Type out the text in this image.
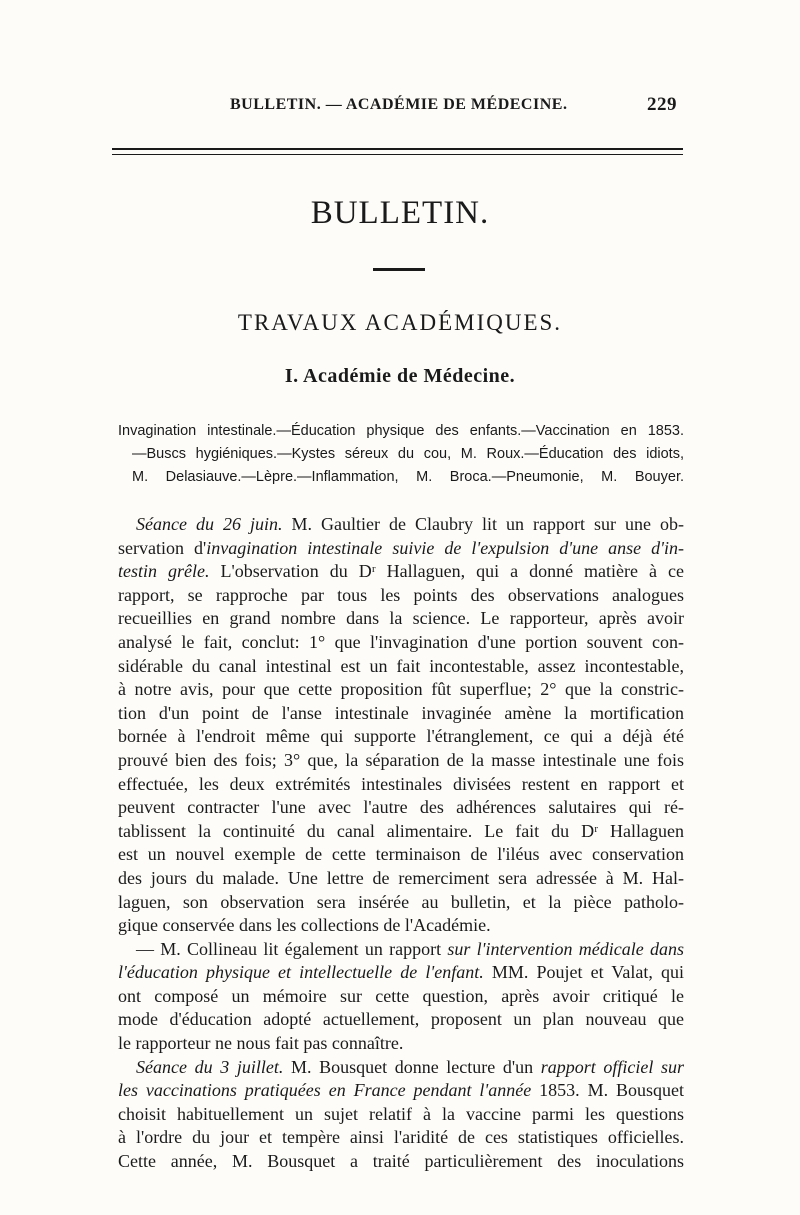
BULLETIN. — ACADÉMIE DE MÉDECINE.	229
BULLETIN.
TRAVAUX ACADÉMIQUES.
I. Académie de Médecine.
Invagination intestinale.—Éducation physique des enfants.—Vaccination en 1853.
—Buscs hygiéniques.—Kystes séreux du cou, M. Roux.—Éducation des idiots,
M. Delasiauve.—Lèpre.—Inflammation, M. Broca.—Pneumonie, M. Bouyer.
Séance du 26 juin. M. Gaultier de Claubry lit un rapport sur une ob-
servation d'invagination intestinale suivie de l'expulsion d'une anse d'in-
testin grêle. L'observation du Dʳ Hallaguen, qui a donné matière à ce
rapport, se rapproche par tous les points des observations analogues
recueillies en grand nombre dans la science. Le rapporteur, après avoir
analysé le fait, conclut: 1° que l'invagination d'une portion souvent con-
sidérable du canal intestinal est un fait incontestable, assez incontestable,
à notre avis, pour que cette proposition fût superflue; 2° que la constric-
tion d'un point de l'anse intestinale invaginée amène la mortification
bornée à l'endroit même qui supporte l'étranglement, ce qui a déjà été
prouvé bien des fois; 3° que, la séparation de la masse intestinale une fois
effectuée, les deux extrémités intestinales divisées restent en rapport et
peuvent contracter l'une avec l'autre des adhérences salutaires qui ré-
tablissent la continuité du canal alimentaire. Le fait du Dʳ Hallaguen
est un nouvel exemple de cette terminaison de l'iléus avec conservation
des jours du malade. Une lettre de remerciment sera adressée à M. Hal-
laguen, son observation sera insérée au bulletin, et la pièce patholo-
gique conservée dans les collections de l'Académie.
— M. Collineau lit également un rapport sur l'intervention médicale dans
l'éducation physique et intellectuelle de l'enfant. MM. Poujet et Valat, qui
ont composé un mémoire sur cette question, après avoir critiqué le
mode d'éducation adopté actuellement, proposent un plan nouveau que
le rapporteur ne nous fait pas connaître.
Séance du 3 juillet. M. Bousquet donne lecture d'un rapport officiel sur
les vaccinations pratiquées en France pendant l'année 1853. M. Bousquet
choisit habituellement un sujet relatif à la vaccine parmi les questions
à l'ordre du jour et tempère ainsi l'aridité de ces statistiques officielles.
Cette année, M. Bousquet a traité particulièrement des inoculations
